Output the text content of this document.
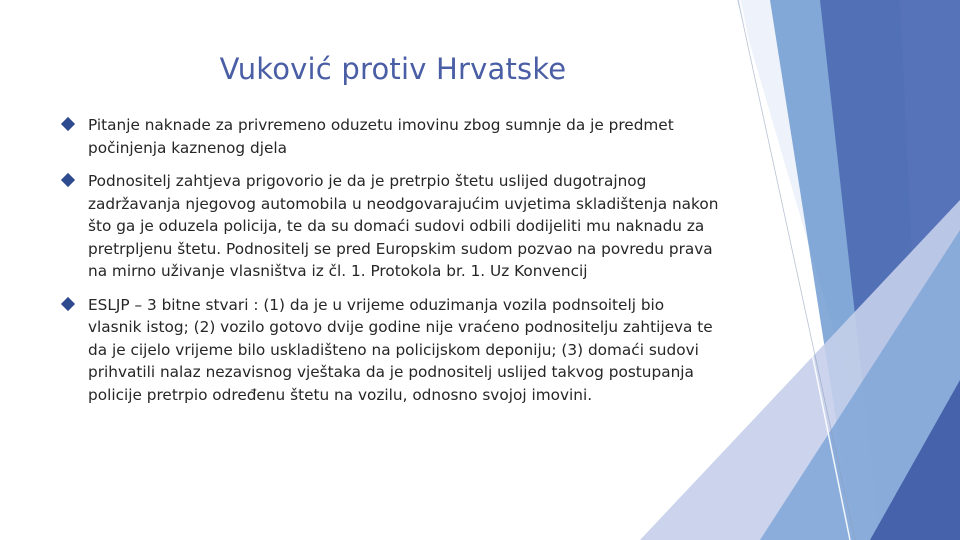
Vuković protiv Hrvatske
Pitanje naknade za privremeno oduzetu imovinu zbog sumnje da je predmet počinjenja kaznenog djela
Podnositelj zahtjeva prigovorio je da je pretrpio štetu uslijed dugotrajnog zadržavanja njegovog automobila u neodgovarajućim uvjetima skladištenja nakon što ga je oduzela policija, te da su domaći sudovi odbili dodijeliti mu naknadu za pretrpljenu štetu. Podnositelj se pred Europskim sudom pozvao na povredu prava na mirno uživanje vlasništva iz čl. 1. Protokola br. 1. Uz Konvencij
ESLJP – 3 bitne stvari : (1) da je u vrijeme oduzimanja vozila podnsoitelj bio vlasnik istog; (2) vozilo gotovo dvije godine nije vraćeno podnositelju zahtijeva te da je cijelo vrijeme bilo uskladišteno na policijskom deponiju; (3) domaći sudovi prihvatili nalaz nezavisnog vještaka da je podnositelj uslijed takvog postupanja policije pretrpio određenu štetu na vozilu, odnosno svojoj imovini.
